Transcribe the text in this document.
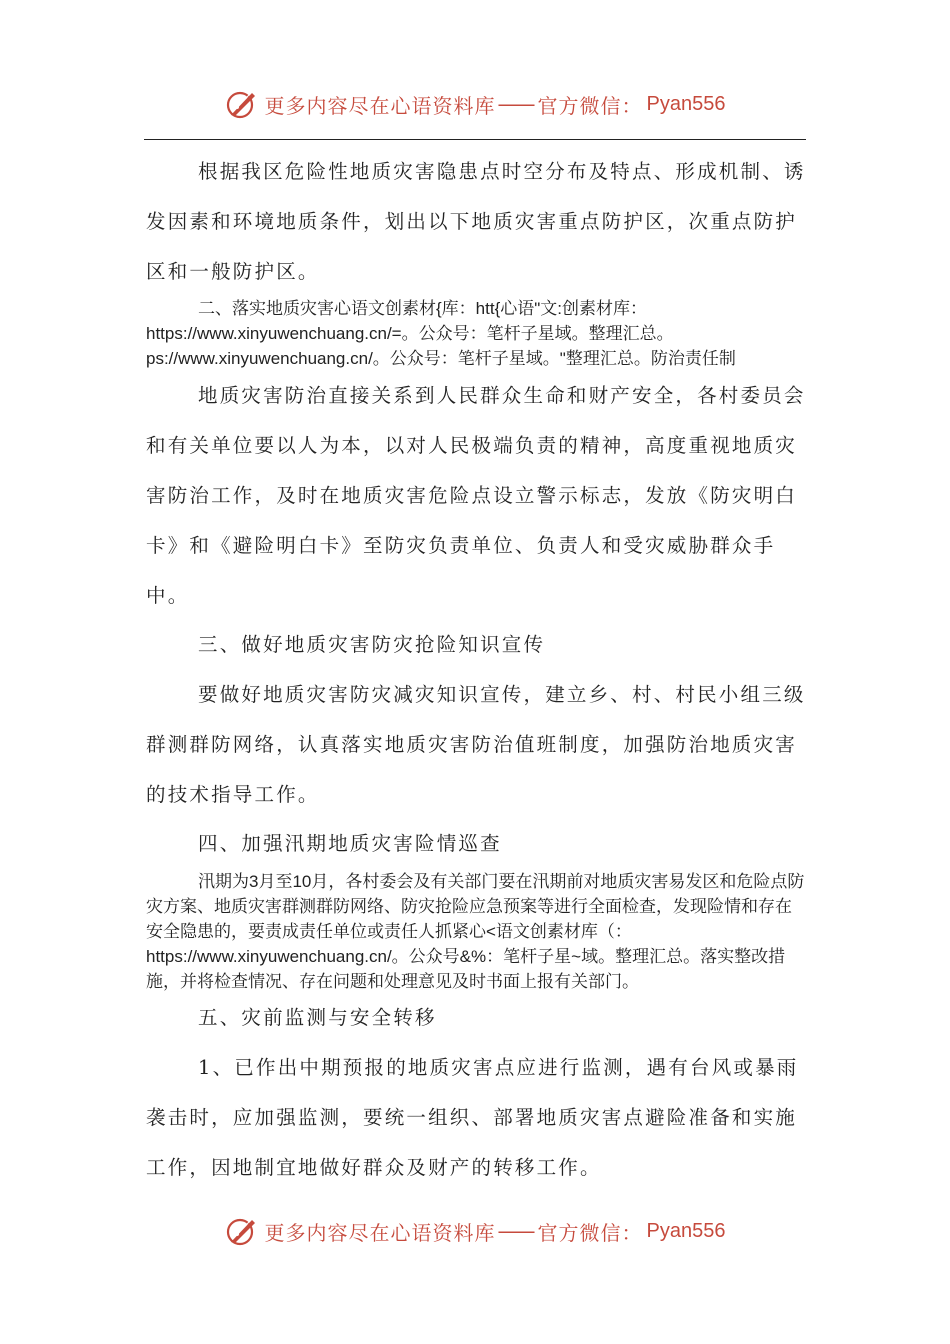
更多内容尽在心语资料库 —— 官方微信： Pyan556

根据我区危险性地质灾害隐患点时空分布及特点、形成机制、诱发因素和环境地质条件，划出以下地质灾害重点防护区，次重点防护区和一般防护区。

二、落实地质灾害心语文创素材{库：htt{心语"文:创素材库：https://www.xinyuwenchuang.cn/=。公众号：笔杆子星域。整理汇总。ps://www.xinyuwenchuang.cn/。公众号：笔杆子星域。"整理汇总。防治责任制

地质灾害防治直接关系到人民群众生命和财产安全，各村委员会和有关单位要以人为本，以对人民极端负责的精神，高度重视地质灾害防治工作，及时在地质灾害危险点设立警示标志，发放《防灾明白卡》和《避险明白卡》至防灾负责单位、负责人和受灾威胁群众手中。

三、做好地质灾害防灾抢险知识宣传

要做好地质灾害防灾减灾知识宣传，建立乡、村、村民小组三级群测群防网络，认真落实地质灾害防治值班制度，加强防治地质灾害的技术指导工作。

四、加强汛期地质灾害险情巡查

汛期为3月至10月，各村委会及有关部门要在汛期前对地质灾害易发区和危险点防灾方案、地质灾害群测群防网络、防灾抢险应急预案等进行全面检查，发现险情和存在安全隐患的，要责成责任单位或责任人抓紧心<语文创素材库（：https://www.xinyuwenchuang.cn/。公众号&%：笔杆子星~域。整理汇总。落实整改措施，并将检查情况、存在问题和处理意见及时书面上报有关部门。

五、灾前监测与安全转移

1、已作出中期预报的地质灾害点应进行监测，遇有台风或暴雨袭击时，应加强监测，要统一组织、部署地质灾害点避险准备和实施工作，因地制宜地做好群众及财产的转移工作。

更多内容尽在心语资料库 —— 官方微信： Pyan556
